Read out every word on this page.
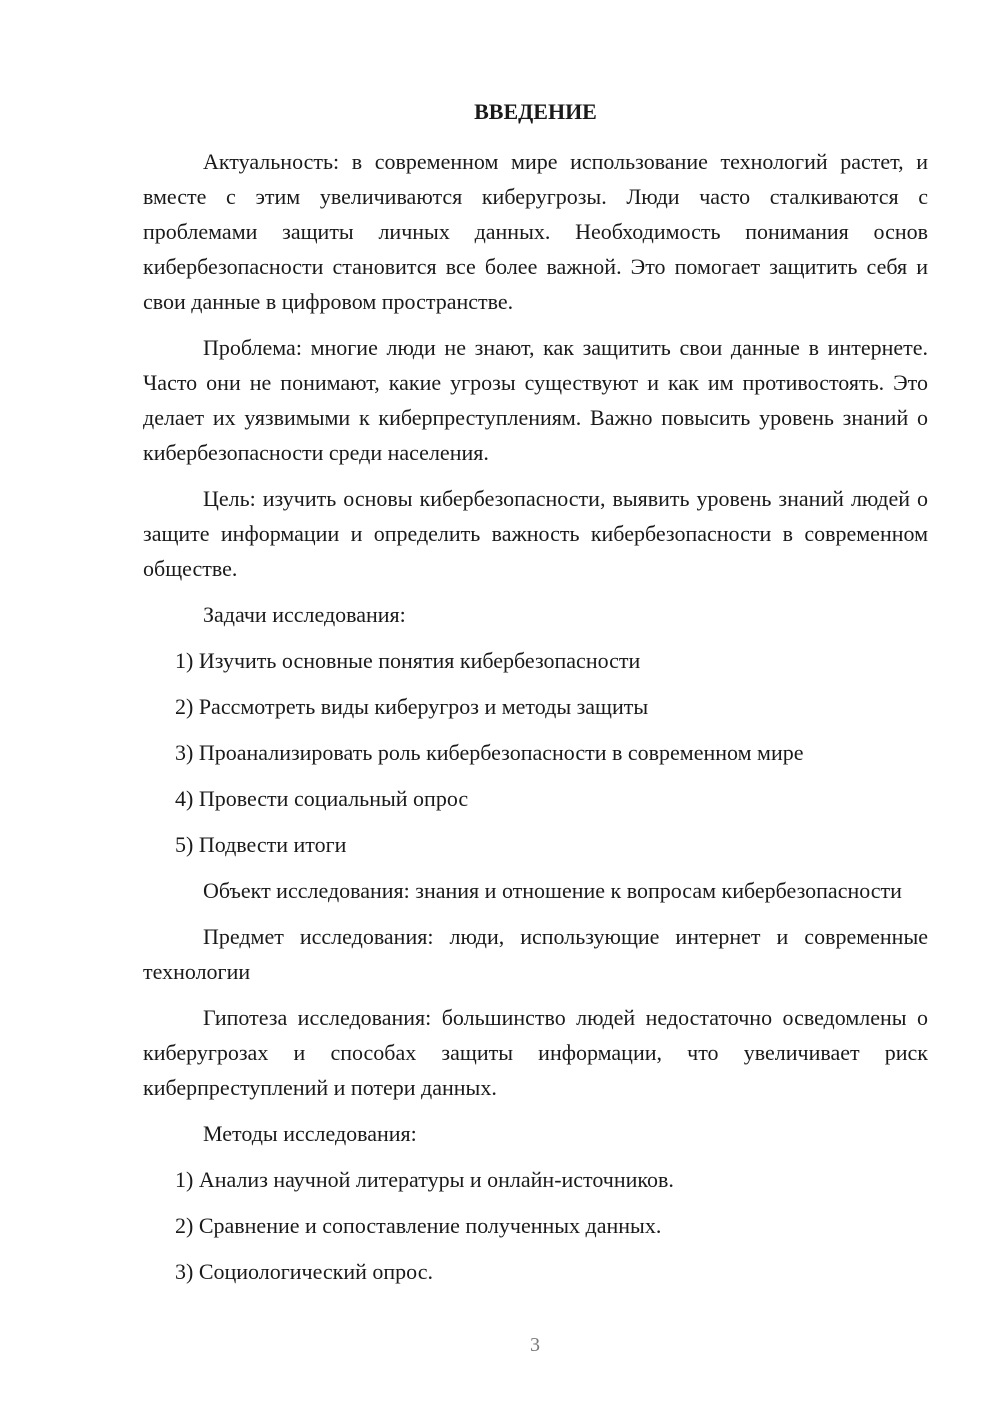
ВВЕДЕНИЕ

Актуальность: в современном мире использование технологий растет, и вместе с этим увеличиваются киберугрозы. Люди часто сталкиваются с проблемами защиты личных данных. Необходимость понимания основ кибербезопасности становится все более важной. Это помогает защитить себя и свои данные в цифровом пространстве.

Проблема: многие люди не знают, как защитить свои данные в интернете. Часто они не понимают, какие угрозы существуют и как им противостоять. Это делает их уязвимыми к киберпреступлениям. Важно повысить уровень знаний о кибербезопасности среди населения.

Цель: изучить основы кибербезопасности, выявить уровень знаний людей о защите информации и определить важность кибербезопасности в современном обществе.

Задачи исследования:

1) Изучить основные понятия кибербезопасности

2) Рассмотреть виды киберугроз и методы защиты

3) Проанализировать роль кибербезопасности в современном мире

4) Провести социальный опрос

5) Подвести итоги

Объект исследования: знания и отношение к вопросам кибербезопасности

Предмет исследования: люди, использующие интернет и современные технологии

Гипотеза исследования: большинство людей недостаточно осведомлены о киберугрозах и способах защиты информации, что увеличивает риск киберпреступлений и потери данных.

Методы исследования:

1) Анализ научной литературы и онлайн-источников.

2) Сравнение и сопоставление полученных данных.

3) Социологический опрос.

3
